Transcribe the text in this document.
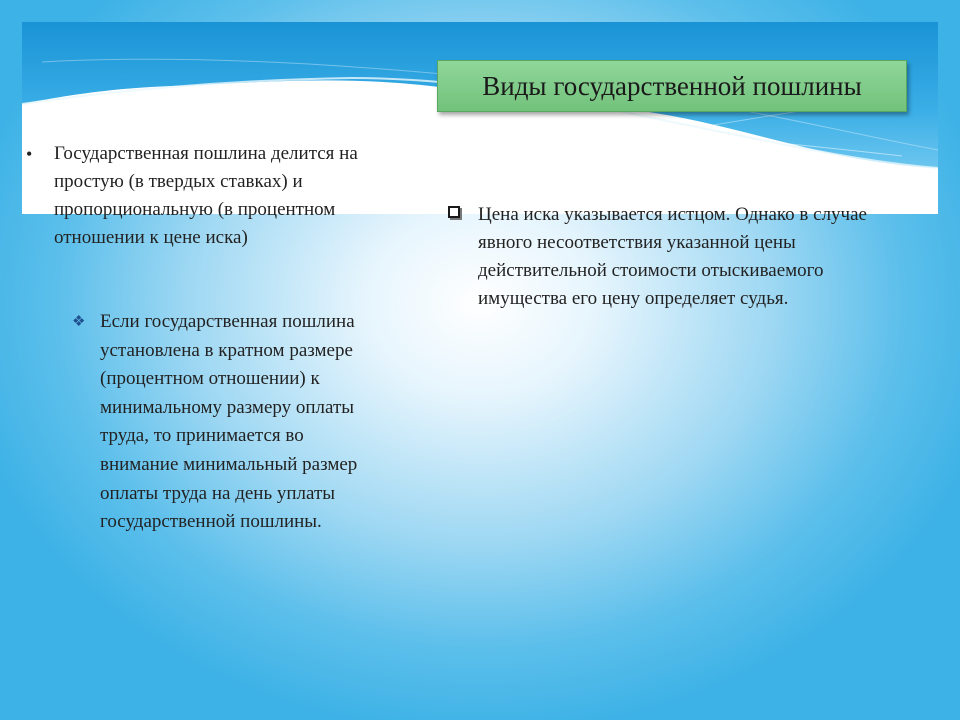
Виды государственной пошлины
•	Государственная пошлина делится на простую (в твердых ставках) и пропорциональную (в процентном отношении к цене иска)
❖ Если государственная пошлина установлена в кратном размере (процентном отношении) к минимальному размеру оплаты труда, то принимается во внимание минимальный размер оплаты труда на день уплаты государственной пошлины.
Цена иска указывается истцом. Однако в случае явного несоответствия указанной цены действительной стоимости отыскиваемого имущества его цену определяет судья.
